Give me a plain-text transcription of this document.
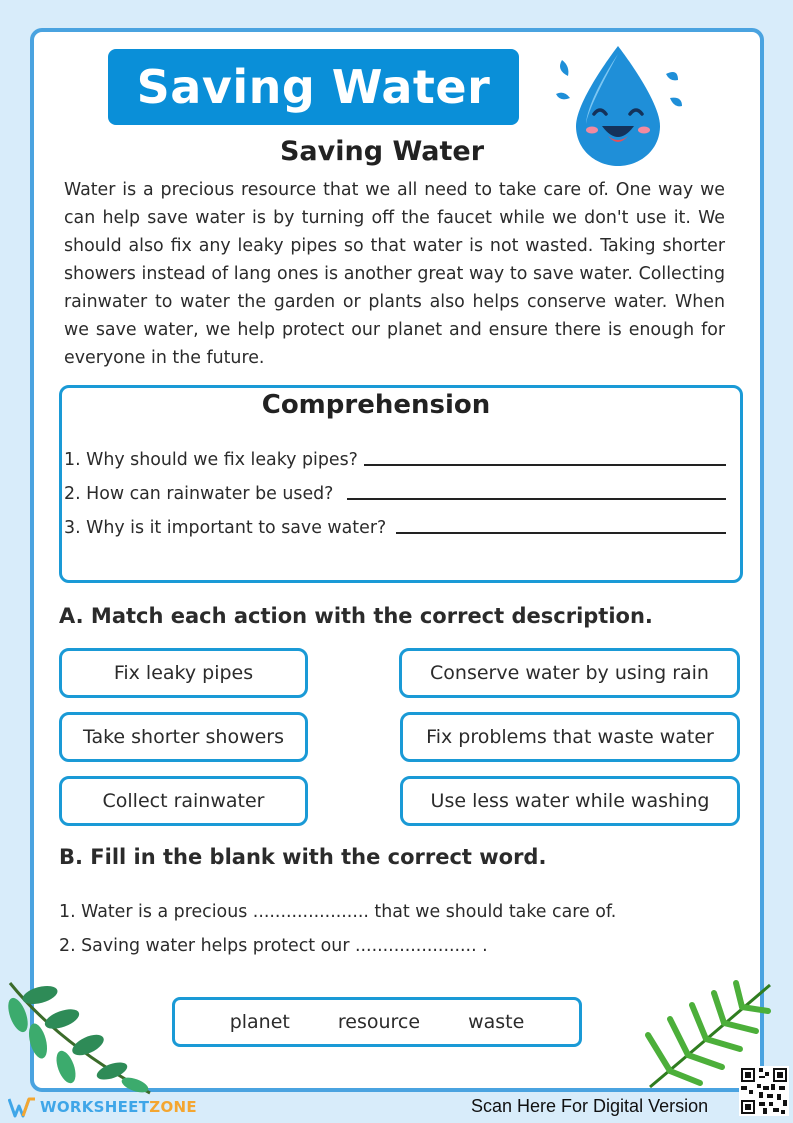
Saving Water
Saving Water
Water is a precious resource that we all need to take care of. One way we can help save water is by turning off the faucet while we don't use it. We should also fix any leaky pipes so that water is not wasted. Taking shorter showers instead of lang ones is another great way to save water. Collecting rainwater to water the garden or plants also helps conserve water. When we save water, we help protect our planet and ensure there is enough for everyone in the future.
Comprehension
1. Why should we fix leaky pipes?
2. How can rainwater be used?
3. Why is it important to save water?
A. Match each action with the correct description.
Fix leaky pipes
Take shorter showers
Collect rainwater
Conserve water by using rain
Fix problems that waste water
Use less water while washing
B. Fill in the blank with the correct word.
1. Water is a precious ..................... that we should take care of.
2. Saving water helps protect our ...................... .
planet	resource	waste
WORKSHEETZONE	Scan Here For Digital Version
